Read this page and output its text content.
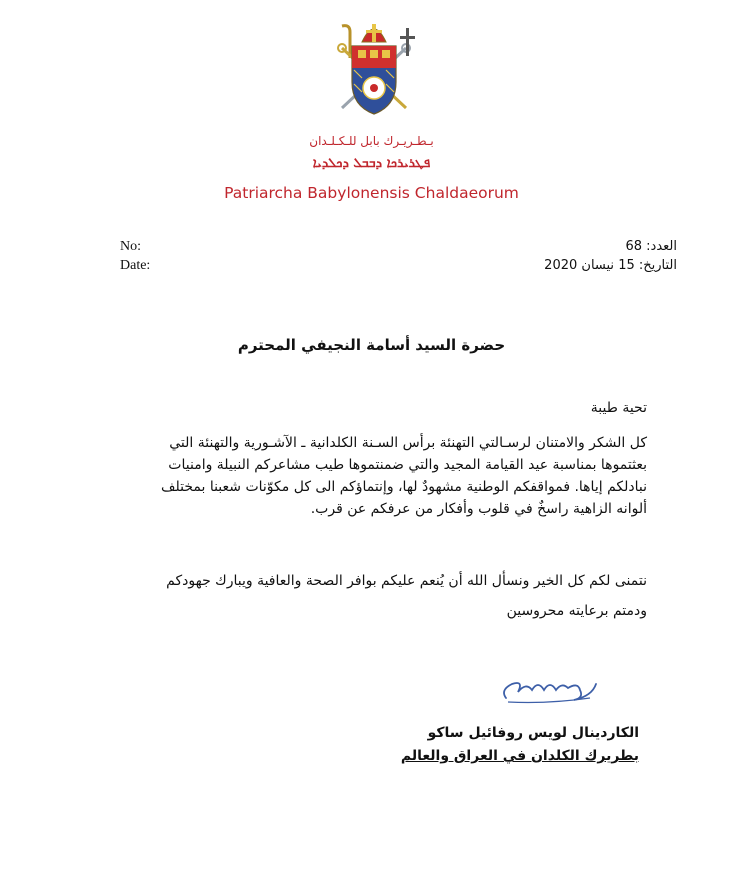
بـطـريـرك بابل للـكـلـدان
ܦܛܪܝܪܟܐ ܕܒܒܠ ܕܟܠܕܝܐ
Patriarcha Babylonensis Chaldaeorum
No:
Date:
العدد: 68
التاريخ: 15 نيسان 2020
حضرة السيد أسامة النجيفي المحترم
تحية طيبة
كل الشكر والامتنان لرسـالتي التهنئة برأس السـنة الكلدانية ـ الآشـورية والتهنئة التي
بعثتموها بمناسبة عيد القيامة المجيد والتي ضمنتموها طيب مشاعركم النبيلة وامنيات
نبادلكم إياها. فمواقفكم الوطنية مشهودٌ لها، وإنتماؤكم الى كل مكوّنات شعبنا بمختلف
ألوانه الزاهية راسخٌ في قلوب وأفكار من عرفكم عن قرب.
نتمنى لكم كل الخير ونسأل الله أن يُنعم عليكم بوافر الصحة والعافية ويبارك جهودكم
ودمتم برعايته محروسين
الكاردينال لويس روفائيل ساكو
بطريرك الكلدان في العراق والعالم
